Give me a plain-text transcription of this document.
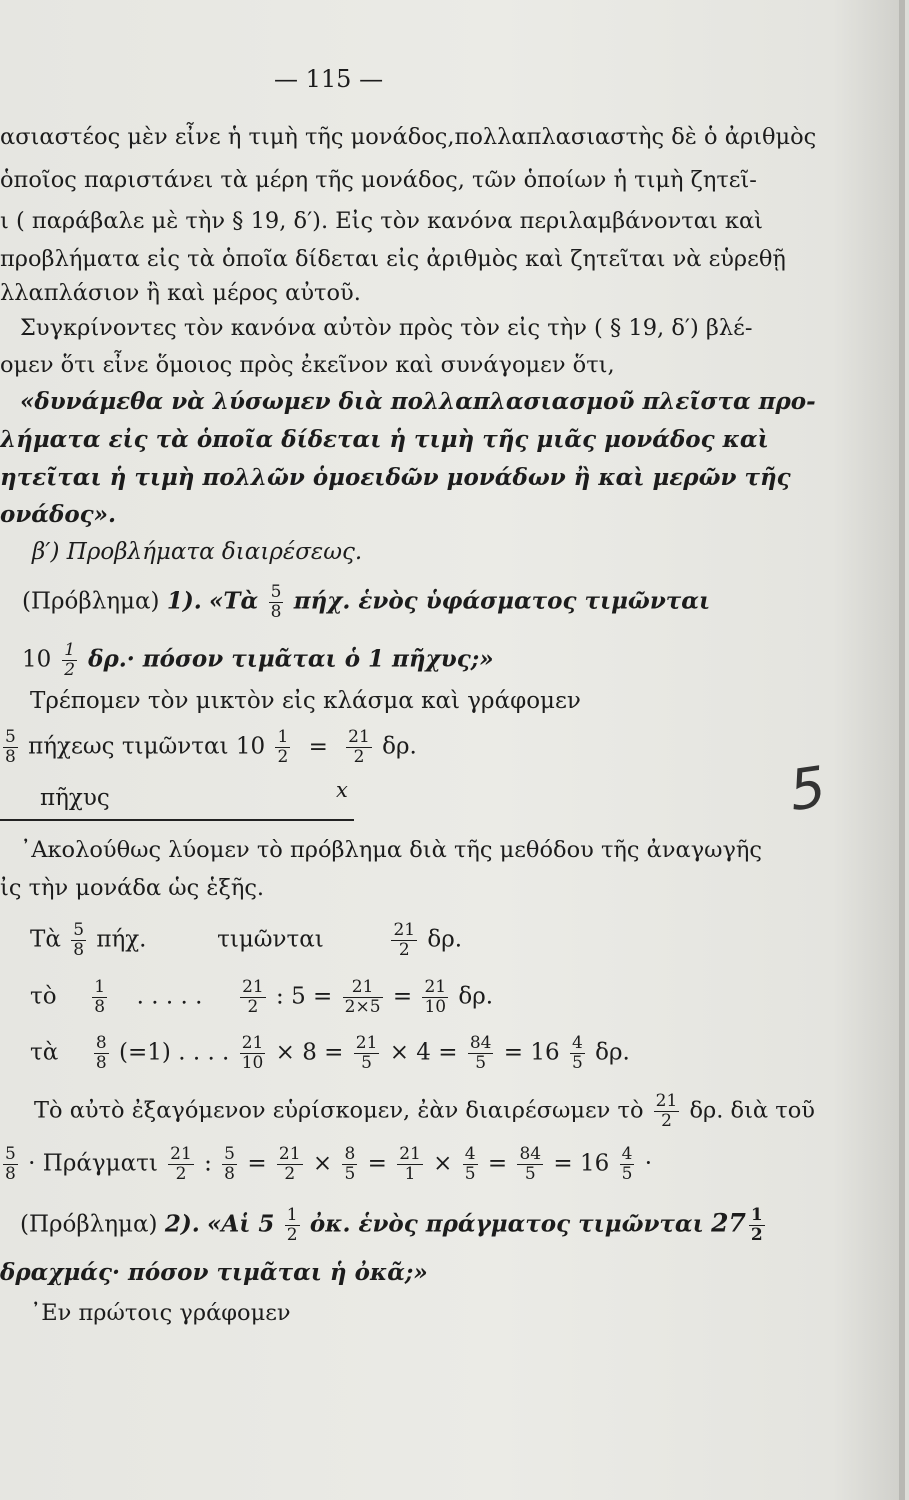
— 115 —
ασιαστέος μὲν εἶνε ἡ τιμὴ τῆς μονάδος,πολλαπλασιαστὴς δὲ ὁ ἀριθμὸς
ὁποῖος παριστάνει τὰ μέρη τῆς μονάδος, τῶν ὁποίων ἡ τιμὴ ζητεῖ-
ι ( παράβαλε μὲ τὴν § 19, δ′). Εἰς τὸν κανόνα περιλαμβάνονται καὶ
προβλήματα εἰς τὰ ὁποῖα δίδεται εἰς ἀριθμὸς καὶ ζητεῖται νὰ εὑρεθῇ
λλαπλάσιον ἢ καὶ μέρος αὐτοῦ.
Συγκρίνοντες τὸν κανόνα αὐτὸν πρὸς τὸν εἰς τὴν ( § 19, δ′) βλέ-
ομεν ὅτι εἶνε ὅμοιος πρὸς ἐκεῖνον καὶ συνάγομεν ὅτι,
«δυνάμεθα νὰ λύσωμεν διὰ πολλαπλασιασμοῦ πλεῖστα προ-
λήματα εἰς τὰ ὁποῖα δίδεται ἡ τιμὴ τῆς μιᾶς μονάδος καὶ
ητεῖται ἡ τιμὴ πολλῶν ὁμοειδῶν μονάδων ἢ καὶ μερῶν τῆς
ονάδος».
β′) Προβλήματα διαιρέσεως.
(Πρόβλημα) 1). «Τὰ $\frac{5}{8} \pi ή\chi$. ἑνὸς ὑφάσματος τιμῶνται
$10 \frac{1}{2} \delta\rho.\cdot \pi ό\sigma o\nu$ τιμᾶται ὁ 1 πῆχυς;»
Τρέπομεν τὸν μικτὸν εἰς κλάσμα καὶ γράφομεν
$\frac{5}{8}$ πήχεως τιμῶνται $10 \frac{1}{2} = \frac{21}{2} \delta\rho$.
πῆχυς	x	5
᾿Ακολούθως λύομεν τὸ πρόβλημα διὰ τῆς μεθόδου τῆς ἀναγωγῆς
ἰς τὴν μονάδα ὡς ἑξῆς.
Τὰ $\frac{5}{8} \pi ή\chi$.	τιμῶνται	$\frac{21}{2} \delta\rho$.
τὸ $\frac{1}{8}$ . . . . . $\frac{21}{2}$ : $5 = \frac{21}{2\times 5} = \frac{21}{10} \delta\rho$.
τὰ $\frac{8}{8} (=1)$ . . . . $\frac{21}{10} \times 8 = \frac{21}{5} \times 4 = \frac{84}{5} = 16 \frac{4}{5} \delta\rho$.
Τὸ αὐτὸ ἐξαγόμενον εὑρίσκομεν, ἐὰν διαιρέσωμεν τὸ $\frac{21}{2} \delta\rho$. διὰ τοῦ
$\frac{5}{8} \cdot \Pi\rho ά\gamma\mu\alpha\tau\iota \frac{21}{2}$ : $\frac{5}{8} = \frac{21}{2} \times \frac{8}{5} = \frac{21}{1} \times \frac{4}{5} = \frac{84}{5} = 16 \frac{4}{5}$ ·
(Πρόβλημα) 2). «Αἱ $5 \frac{1}{2}$ ὀκ. ἑνὸς πράγματος τιμῶνται $27 \frac{1}{2}$
δραχμάς· πόσον τιμᾶται ἡ ὀκᾶ;»
᾿Εν πρώτοις γράφομεν
